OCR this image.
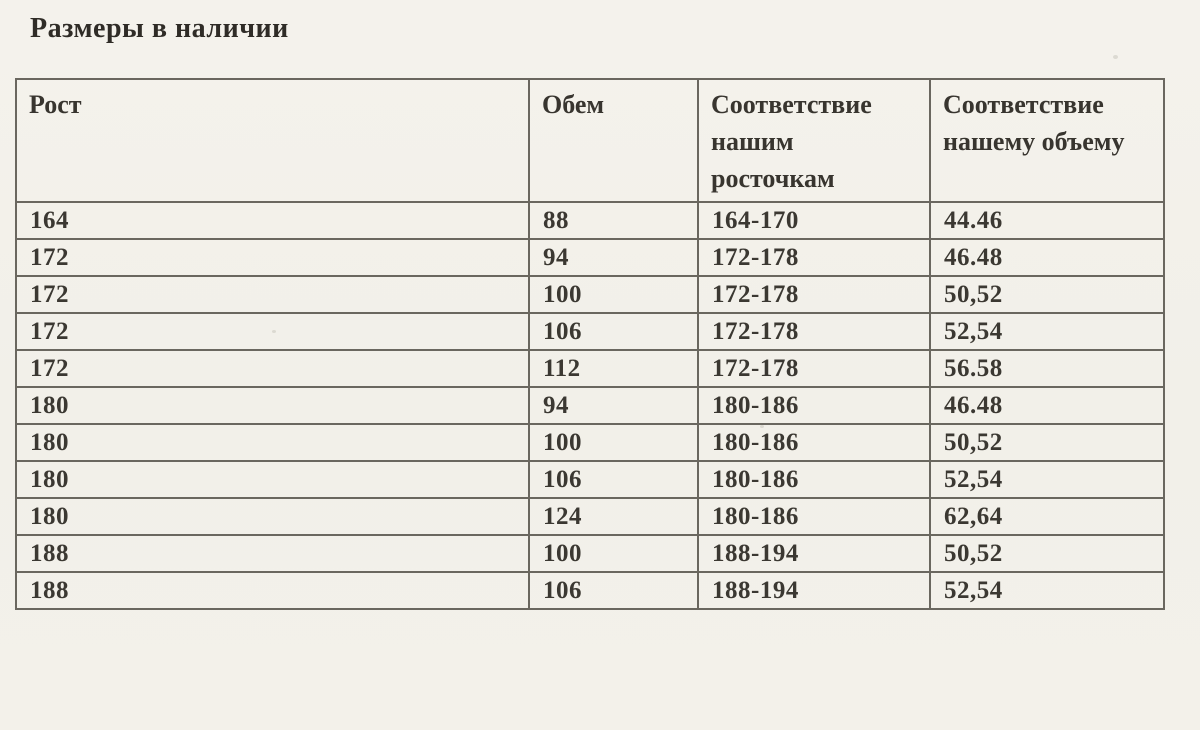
Размеры в наличии
Рост	Обем	Соответствие нашим росточкам	Соответствие нашему объему
164	88	164-170	44.46
172	94	172-178	46.48
172	100	172-178	50,52
172	106	172-178	52,54
172	112	172-178	56.58
180	94	180-186	46.48
180	100	180-186	50,52
180	106	180-186	52,54
180	124	180-186	62,64
188	100	188-194	50,52
188	106	188-194	52,54
